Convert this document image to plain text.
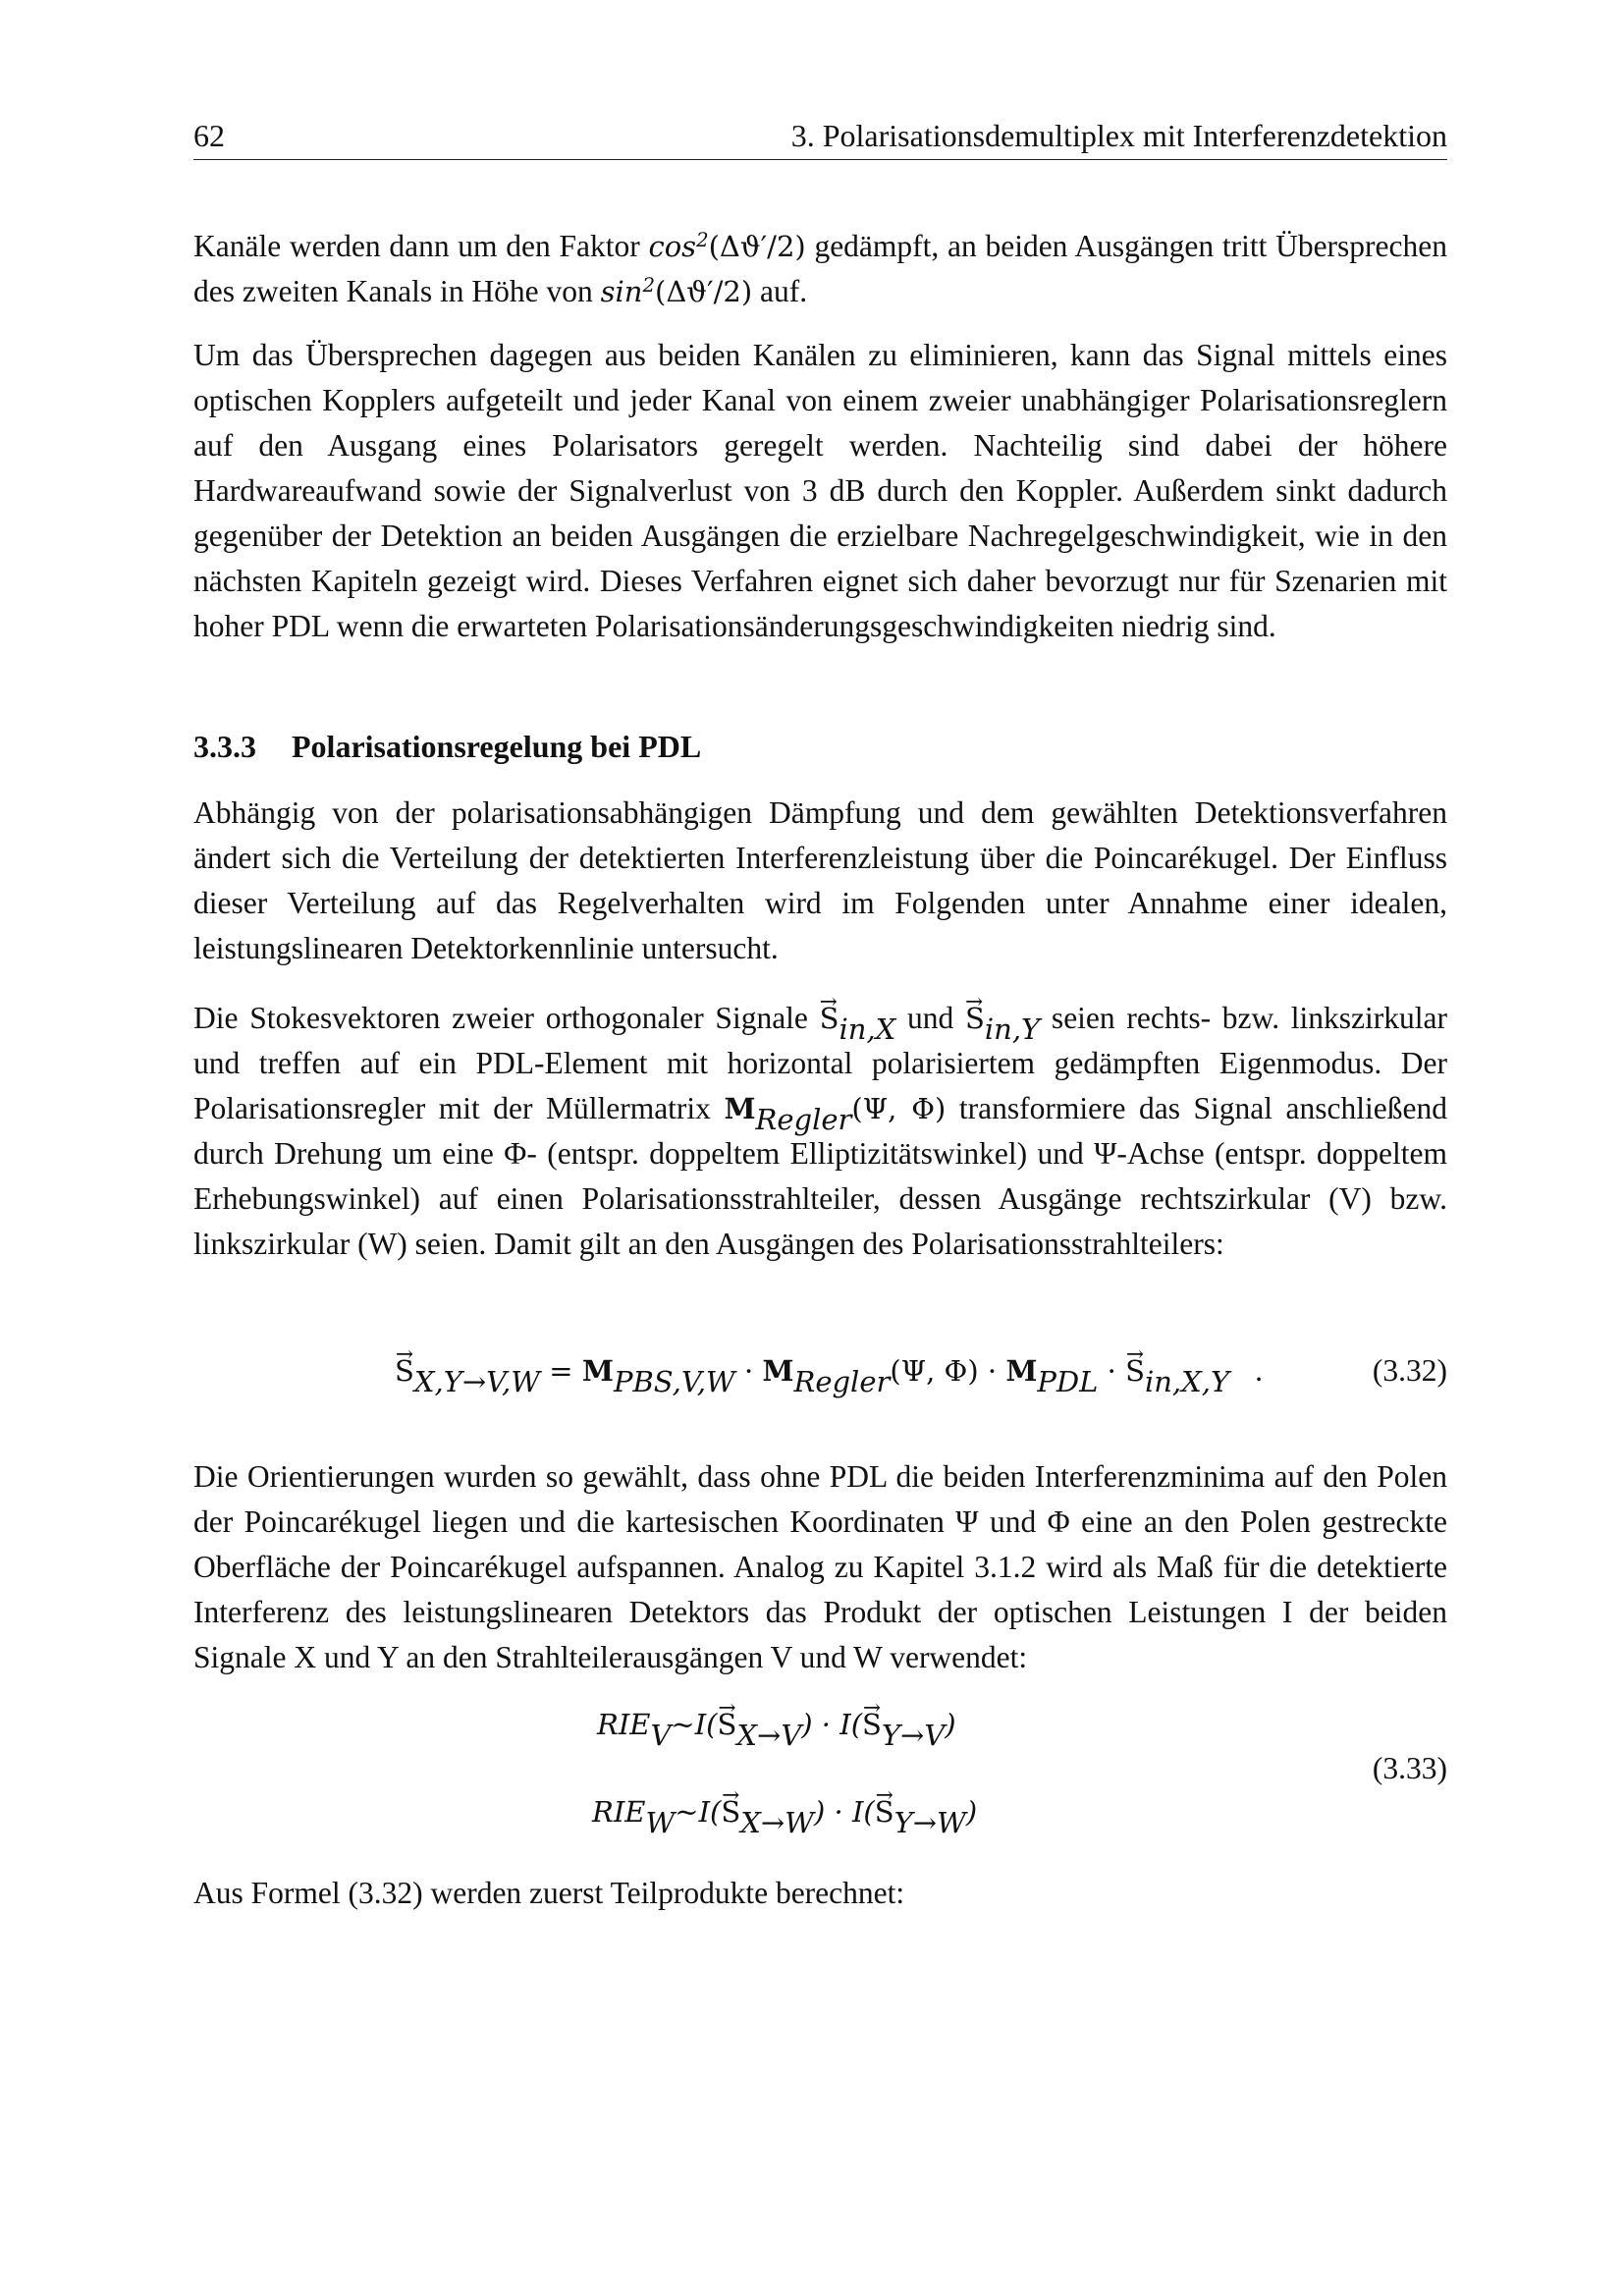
62	3. Polarisationsdemultiplex mit Interferenzdetektion
Kanäle werden dann um den Faktor $\cos^2(\Delta ϑ'/2)$ gedämpft, an beiden Ausgängen tritt Übersprechen des zweiten Kanals in Höhe von $\sin^2(\Delta ϑ'/2)$ auf.
Um das Übersprechen dagegen aus beiden Kanälen zu eliminieren, kann das Signal mittels eines optischen Kopplers aufgeteilt und jeder Kanal von einem zweier unabhängiger Polarisationsreglern auf den Ausgang eines Polarisators geregelt werden. Nachteilig sind dabei der höhere Hardwareaufwand sowie der Signalverlust von 3 dB durch den Koppler. Außerdem sinkt dadurch gegenüber der Detektion an beiden Ausgängen die erzielbare Nachregelgeschwindigkeit, wie in den nächsten Kapiteln gezeigt wird. Dieses Verfahren eignet sich daher bevorzugt nur für Szenarien mit hoher PDL wenn die erwarteten Polarisationsänderungsgeschwindigkeiten niedrig sind.
3.3.3 Polarisationsregelung bei PDL
Abhängig von der polarisationsabhängigen Dämpfung und dem gewählten Detektionsverfahren ändert sich die Verteilung der detektierten Interferenzleistung über die Poincarékugel. Der Einfluss dieser Verteilung auf das Regelverhalten wird im Folgenden unter Annahme einer idealen, leistungslinearen Detektorkennlinie untersucht.
Die Stokesvektoren zweier orthogonaler Signale → $S_{in,X}$ und → $S_{in,Y}$ seien rechts- bzw. linkszirkular und treffen auf ein PDL-Element mit horizontal polarisiertem gedämpften Eigenmodus. Der Polarisationsregler mit der Müllermatrix $M_{Regler}(\Psi$, Φ) transformiere das Signal anschließend durch Drehung um eine Φ- (entspr. doppeltem Elliptizitätswinkel) und Ψ-Achse (entspr. doppeltem Erhebungswinkel) auf einen Polarisationsstrahlteiler, dessen Ausgänge rechtszirkular (V) bzw. linkszirkular (W) seien. Damit gilt an den Ausgängen des Polarisationsstrahlteilers:
→ $S_{X,Y\to V,W} = M_{PBS,V,W} \cdot M_{Regler}(\Psi$, $\Phi) \cdot M_{PDL}$ · → $S_{in,X,Y}$ .	(3.32)
Die Orientierungen wurden so gewählt, dass ohne PDL die beiden Interferenzminima auf den Polen der Poincarékugel liegen und die kartesischen Koordinaten Ψ und Φ eine an den Polen gestreckte Oberfläche der Poincarékugel aufspannen. Analog zu Kapitel 3.1.2 wird als Maß für die detektierte Interferenz des leistungslinearen Detektors das Produkt der optischen Leistungen I der beiden Signale X und Y an den Strahlteilerausgängen V und W verwendet:
$RIE_V\sim I(\to S_{X\to V}) \cdot I(\to S_{Y\to V})$
$RIE_W\sim I(\to S_{X\to W}) \cdot I(\to S_{Y\to W})$
(3.33)
Aus Formel (3.32) werden zuerst Teilprodukte berechnet:
